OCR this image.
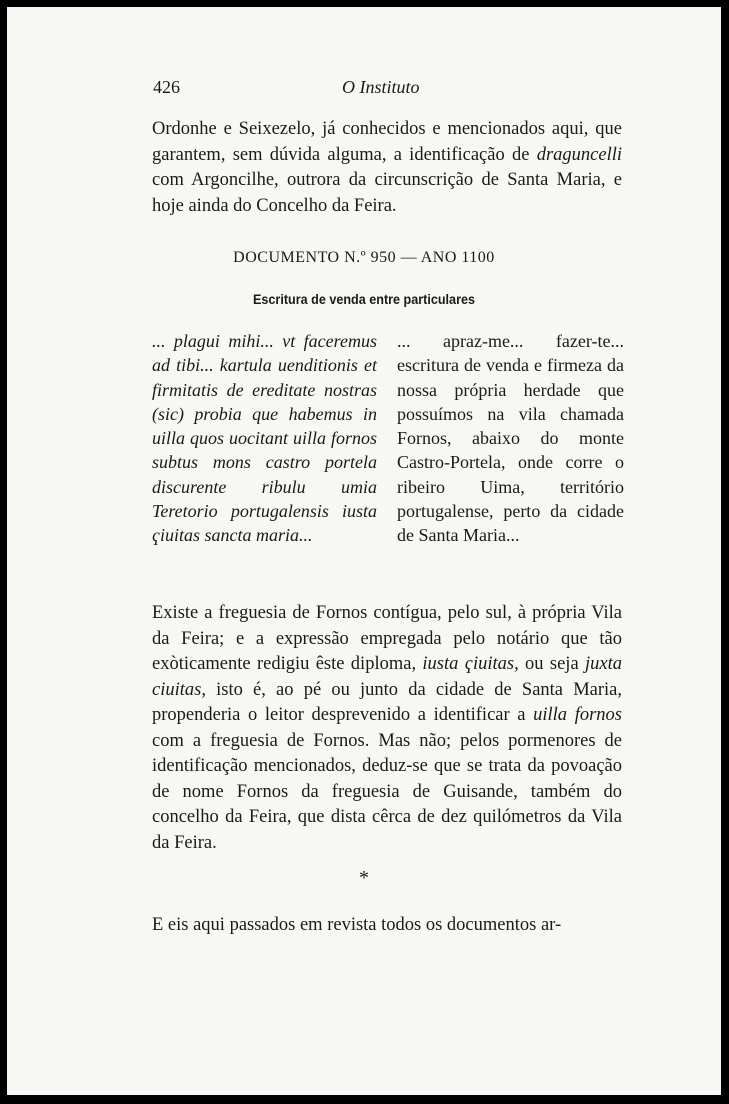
426	O Instituto

Ordonhe e Seixezelo, já conhecidos e mencionados aqui, que garantem, sem dúvida alguma, a identificação de draguncelli com Argoncilhe, outrora da circunscrição de Santa Maria, e hoje ainda do Concelho da Feira.

DOCUMENTO N.º 950 — ANO 1100
Escritura de venda entre particulares

... plagui mihi... vt faceremus ad tibi... kartula uenditionis et firmitatis de ereditate nostras (sic) probia que habemus in uilla quos uocitant uilla fornos subtus mons castro portela discurente ribulu umia Teretorio portugalensis iusta ҁiuitas sancta maria...

... apraz-me... fazer-te... escritura de venda e firmeza da nossa própria herdade que possuímos na vila chamada Fornos, abaixo do monte Castro-Portela, onde corre o ribeiro Uima, território portugalense, perto da cidade de Santa Maria...

Existe a freguesia de Fornos contígua, pelo sul, à própria Vila da Feira; e a expressão empregada pelo notário que tão exòticamente redigiu êste diploma, iusta ҁiuitas, ou seja juxta ciuitas, isto é, ao pé ou junto da cidade de Santa Maria, propenderia o leitor desprevenido a identificar a uilla fornos com a freguesia de Fornos. Mas não; pelos pormenores de identificação mencionados, deduz-se que se trata da povoação de nome Fornos da freguesia de Guisande, também do concelho da Feira, que dista cêrca de dez quilómetros da Vila da Feira.

*

E eis aqui passados em revista todos os documentos ar-
